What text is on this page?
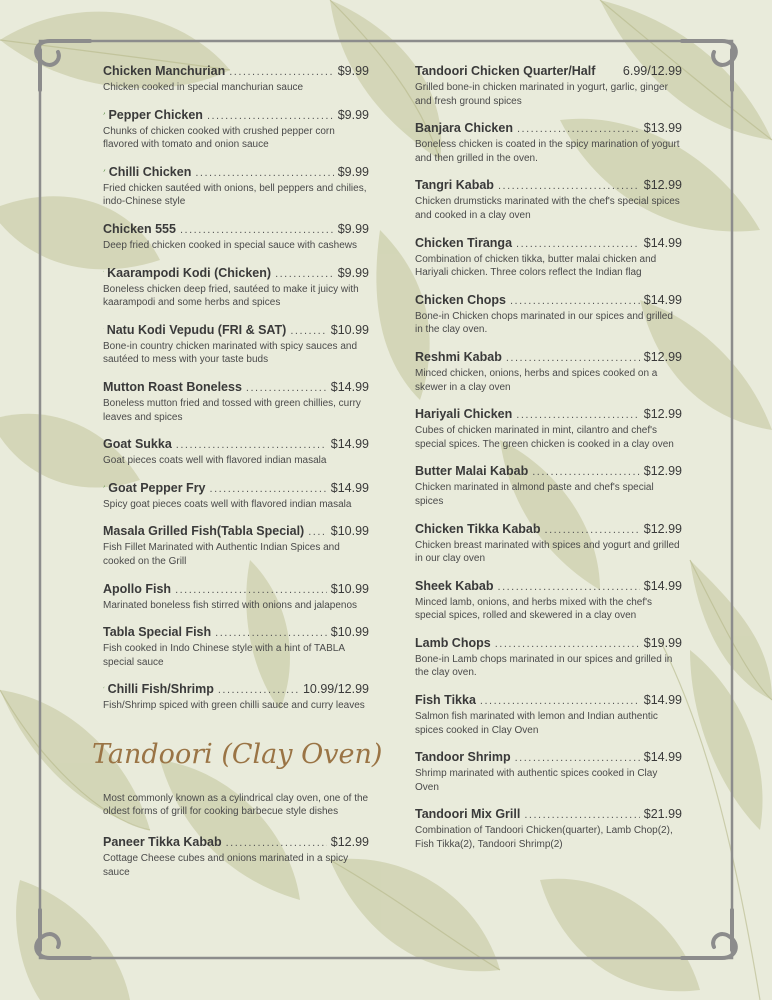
Chicken Manchurian .....	$9.99
Chicken cooked in special manchurian sauce
Pepper Chicken .....	$9.99
Chunks of chicken cooked with crushed pepper corn flavored with tomato and onion sauce
Chilli Chicken .....	$9.99
Fried chicken sautéed with onions, bell peppers and chilies, indo-Chinese style
Chicken 555 .....	$9.99
Deep fried chicken cooked in special sauce with cashews
Kaarampodi Kodi (Chicken) .....	$9.99
Boneless chicken deep fried, sautéed to make it juicy with kaarampodi and some herbs and spices
Natu Kodi Vepudu (FRI & SAT) .....	$10.99
Bone-in country chicken marinated with spicy sauces and sautéed to mess with your taste buds
Mutton Roast Boneless .....	$14.99
Boneless mutton fried and tossed with green chillies, curry leaves and spices
Goat Sukka .....	$14.99
Goat pieces coats well with flavored indian masala
Goat Pepper Fry .....	$14.99
Spicy goat pieces coats well with flavored indian masala
Masala Grilled Fish(Tabla Special) ..... $10.99
Fish Fillet Marinated with Authentic Indian Spices and cooked on the Grill
Apollo Fish .....	$10.99
Marinated boneless fish stirred with onions and jalapenos
Tabla Special Fish .....	$10.99
Fish cooked in Indo Chinese style with a hint of TABLA special sauce
Chilli Fish/Shrimp .....	10.99/12.99
Fish/Shrimp spiced with green chilli sauce and curry leaves
Tandoori (Clay Oven)
Most commonly known as a cylindrical clay oven, one of the oldest forms of grill for cooking barbecue style dishes
Paneer Tikka Kabab .....	$12.99
Cottage Cheese cubes and onions marinated in a spicy sauce
Tandoori Chicken Quarter/Half 6.99/12.99
Grilled bone-in chicken marinated in yogurt, garlic, ginger and fresh ground spices
Banjara Chicken .....	$13.99
Boneless chicken is coated in the spicy marination of yogurt and then grilled in the oven.
Tangri Kabab .....	$12.99
Chicken drumsticks marinated with the chef's special spices and cooked in a clay oven
Chicken Tiranga .....	$14.99
Combination of chicken tikka, butter malai chicken and Hariyali chicken. Three colors reflect the Indian flag
Chicken Chops .....	$14.99
Bone-in Chicken chops marinated in our spices and grilled in the clay oven.
Reshmi Kabab .....	$12.99
Minced chicken, onions, herbs and spices cooked on a skewer in a clay oven
Hariyali Chicken .....	$12.99
Cubes of chicken marinated in mint, cilantro and chef's special spices. The green chicken is cooked in a clay oven
Butter Malai Kabab .....	$12.99
Chicken marinated in almond paste and chef's special spices
Chicken Tikka Kabab .....	$12.99
Chicken breast marinated with spices and yogurt and grilled in our clay oven
Sheek Kabab .....	$14.99
Minced lamb, onions, and herbs mixed with the chef's special spices, rolled and skewered in a clay oven
Lamb Chops .....	$19.99
Bone-in Lamb chops marinated in our spices and grilled in the clay oven.
Fish Tikka .....	$14.99
Salmon fish marinated with lemon and Indian authentic spices cooked in Clay Oven
Tandoor Shrimp .....	$14.99
Shrimp marinated with authentic spices cooked in Clay Oven
Tandoori Mix Grill .....	$21.99
Combination of Tandoori Chicken(quarter), Lamb Chop(2), Fish Tikka(2), Tandoori Shrimp(2)
